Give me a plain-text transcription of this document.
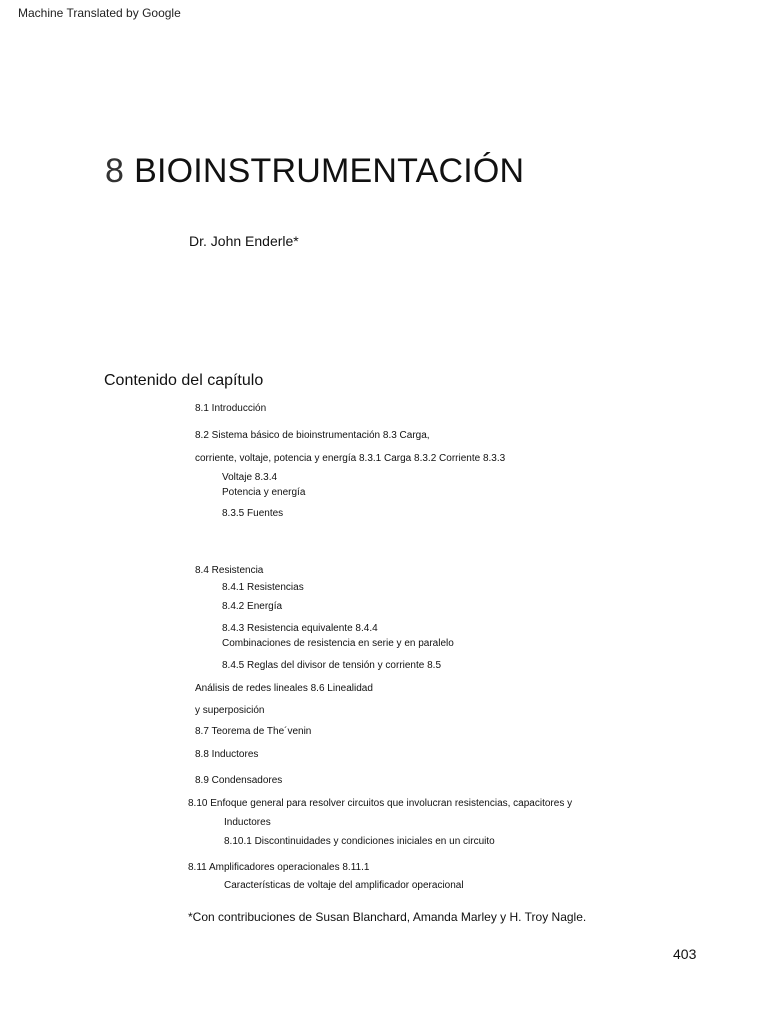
Machine Translated by Google
8 BIOINSTRUMENTACIÓN
Dr. John Enderle*
Contenido del capítulo
8.1 Introducción
8.2 Sistema básico de bioinstrumentación 8.3 Carga,
corriente, voltaje, potencia y energía 8.3.1 Carga 8.3.2 Corriente 8.3.3
Voltaje 8.3.4
Potencia y energía
8.3.5 Fuentes
8.4 Resistencia
8.4.1 Resistencias
8.4.2 Energía
8.4.3 Resistencia equivalente 8.4.4
Combinaciones de resistencia en serie y en paralelo
8.4.5 Reglas del divisor de tensión y corriente 8.5
Análisis de redes lineales 8.6 Linealidad
y superposición
8.7 Teorema de The´venin
8.8 Inductores
8.9 Condensadores
8.10 Enfoque general para resolver circuitos que involucran resistencias, capacitores y
Inductores
8.10.1 Discontinuidades y condiciones iniciales en un circuito
8.11 Amplificadores operacionales 8.11.1
Características de voltaje del amplificador operacional
*Con contribuciones de Susan Blanchard, Amanda Marley y H. Troy Nagle.
403
